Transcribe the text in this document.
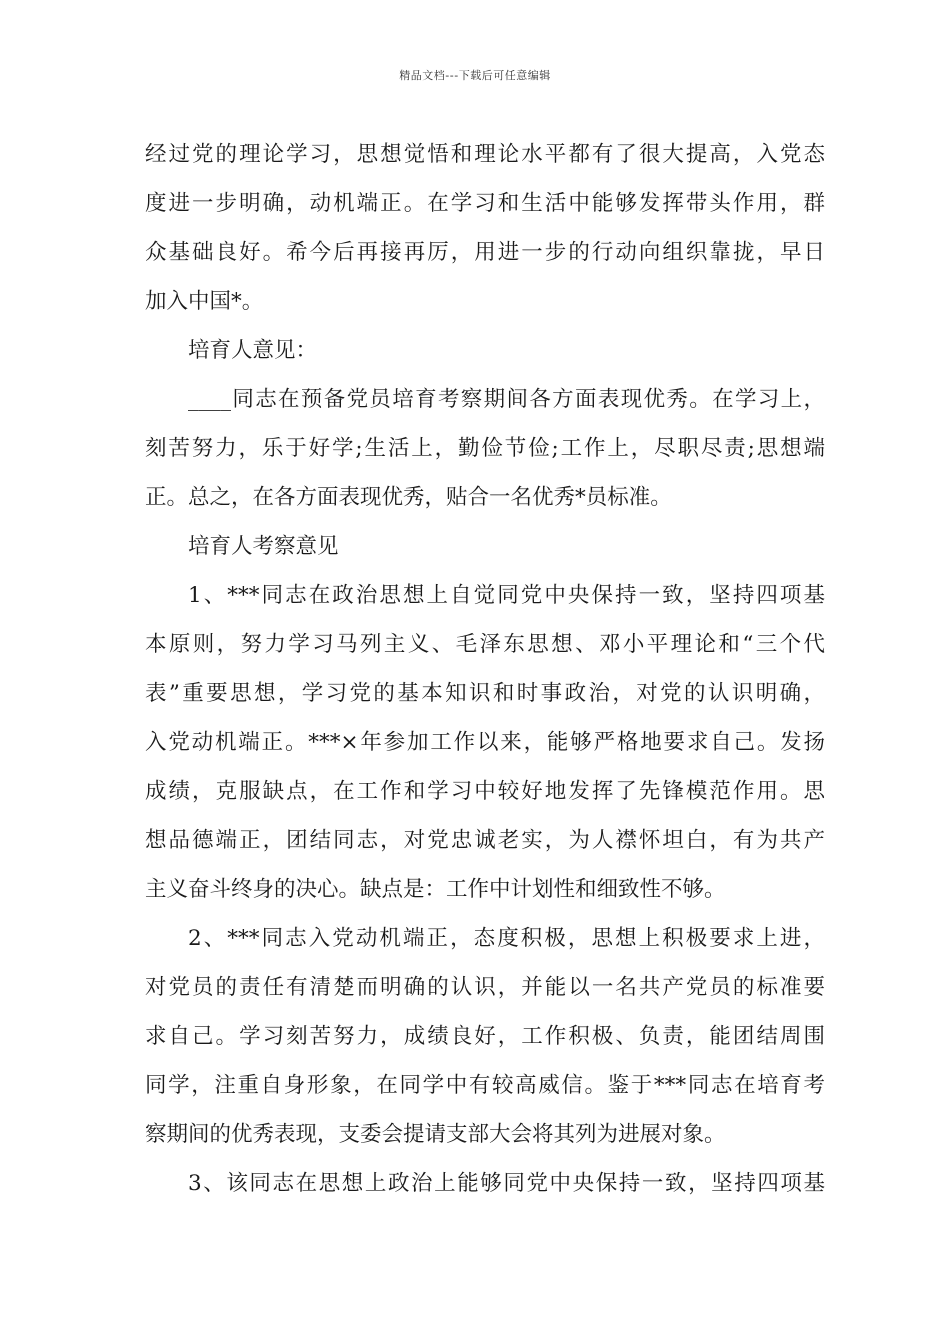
精品文档---下载后可任意编辑
经过党的理论学习，思想觉悟和理论水平都有了很大提高，入党态
度进一步明确，动机端正。在学习和生活中能够发挥带头作用，群
众基础良好。希今后再接再厉，用进一步的行动向组织靠拢，早日
加入中国*。
培育人意见：
____同志在预备党员培育考察期间各方面表现优秀。在学习上，
刻苦努力，乐于好学;生活上，勤俭节俭;工作上，尽职尽责;思想端
正。总之，在各方面表现优秀，贴合一名优秀*员标准。
培育人考察意见
1、***同志在政治思想上自觉同党中央保持一致，坚持四项基
本原则，努力学习马列主义、毛泽东思想、邓小平理论和“三个代
表”重要思想，学习党的基本知识和时事政治，对党的认识明确，
入党动机端正。***×年参加工作以来，能够严格地要求自己。发扬
成绩，克服缺点，在工作和学习中较好地发挥了先锋模范作用。思
想品德端正，团结同志，对党忠诚老实，为人襟怀坦白，有为共产
主义奋斗终身的决心。缺点是：工作中计划性和细致性不够。
2、***同志入党动机端正，态度积极，思想上积极要求上进，
对党员的责任有清楚而明确的认识，并能以一名共产党员的标准要
求自己。学习刻苦努力，成绩良好，工作积极、负责，能团结周围
同学，注重自身形象，在同学中有较高威信。鉴于***同志在培育考
察期间的优秀表现，支委会提请支部大会将其列为进展对象。
3、该同志在思想上政治上能够同党中央保持一致，坚持四项基
